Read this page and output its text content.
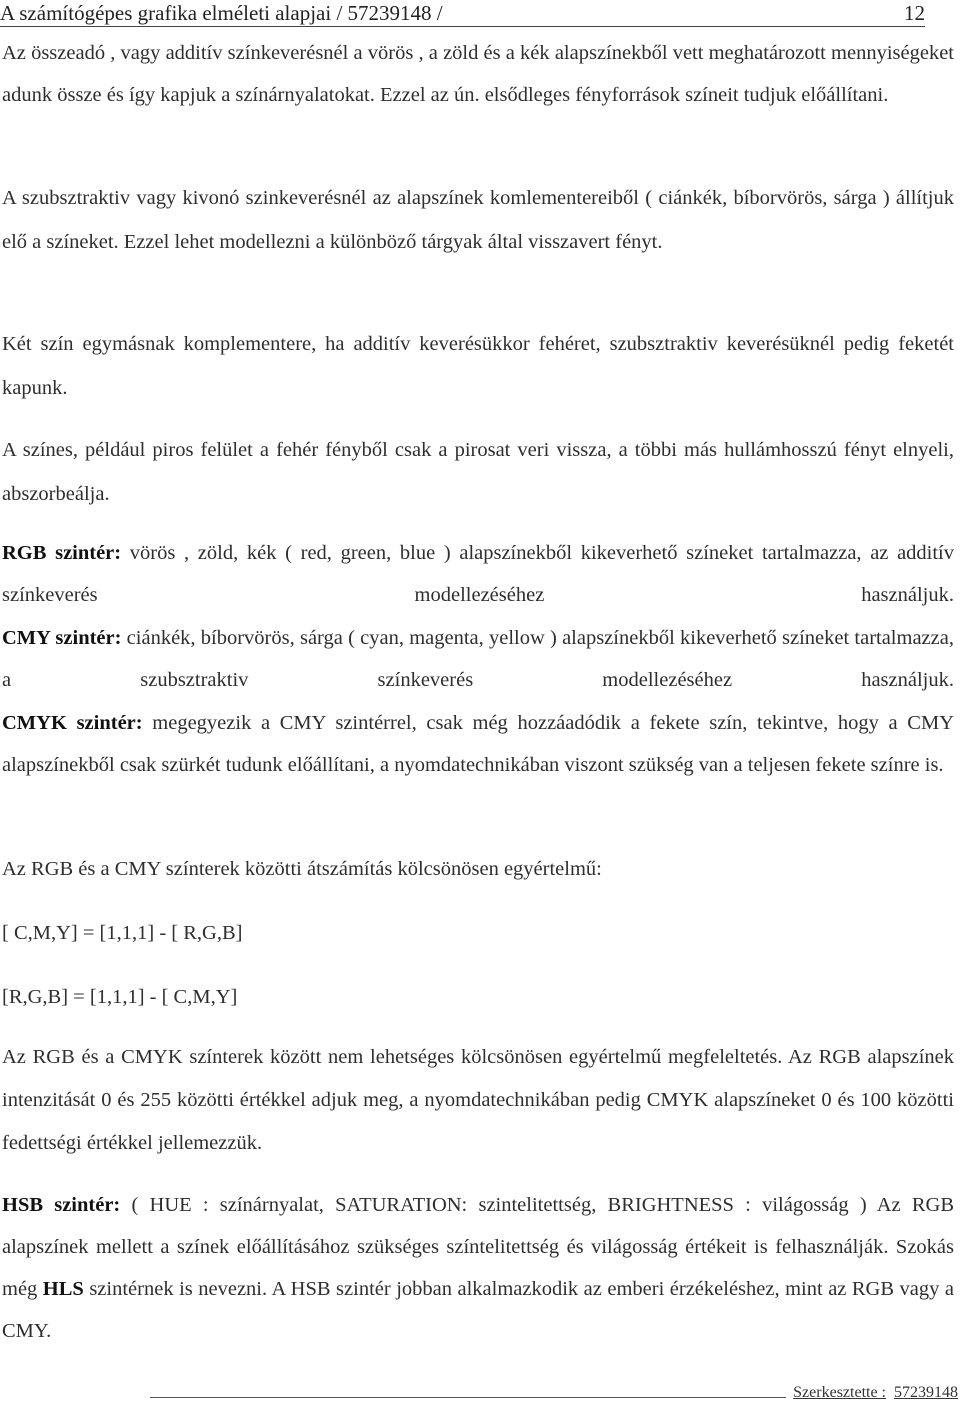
A számítógépes grafika elméleti alapjai / 57239148 /	12

Az összeadó , vagy additív színkeverésnél a vörös , a zöld és a kék alapszínekből vett meghatározott mennyiségeket adunk össze és így kapjuk a színárnyalatokat. Ezzel az ún. elsődleges fényforrások színeit tudjuk előállítani.

A szubsztraktiv vagy kivonó szinkeverésnél az alapszínek komlementereiből ( ciánkék, bíborvörös, sárga ) állítjuk elő a színeket. Ezzel lehet modellezni a különböző tárgyak által visszavert fényt.

Két szín egymásnak komplementere, ha additív keverésükkor fehéret, szubsztraktiv keverésüknél pedig feketét kapunk.

A színes, például piros felület a fehér fényből csak a pirosat veri vissza, a többi más hullámhosszú fényt elnyeli, abszorbeálja.

RGB szintér: vörös , zöld, kék ( red, green, blue ) alapszínekből kikeverhető színeket tartalmazza, az additív színkeverés modellezéséhez használjuk.

CMY szintér: ciánkék, bíborvörös, sárga ( cyan, magenta, yellow ) alapszínekből kikeverhető színeket tartalmazza, a szubsztraktiv színkeverés modellezéséhez használjuk.

CMYK szintér: megegyezik a CMY szintérrel, csak még hozzáadódik a fekete szín, tekintve, hogy a CMY alapszínekből csak szürkét tudunk előállítani, a nyomdatechnikában viszont szükség van a teljesen fekete színre is.

Az RGB és a CMY színterek közötti átszámítás kölcsönösen egyértelmű:

[ C,M,Y] = [1,1,1] - [ R,G,B]

[R,G,B] = [1,1,1] - [ C,M,Y]

Az RGB és a CMYK színterek között nem lehetséges kölcsönösen egyértelmű megfeleltetés. Az RGB alapszínek intenzitását 0 és 255 közötti értékkel adjuk meg, a nyomdatechnikában pedig CMYK alapszíneket 0 és 100 közötti fedettségi értékkel jellemezzük.

HSB szintér: ( HUE : színárnyalat, SATURATION: szintelitettség, BRIGHTNESS : világosság ) Az RGB alapszínek mellett a színek előállításához szükséges színtelitettség és világosság értékeit is felhasználják. Szokás még HLS szintérnek is nevezni. A HSB szintér jobban alkalmazkodik az emberi érzékeléshez, mint az RGB vagy a CMY.

Szerkesztette : 57239148
